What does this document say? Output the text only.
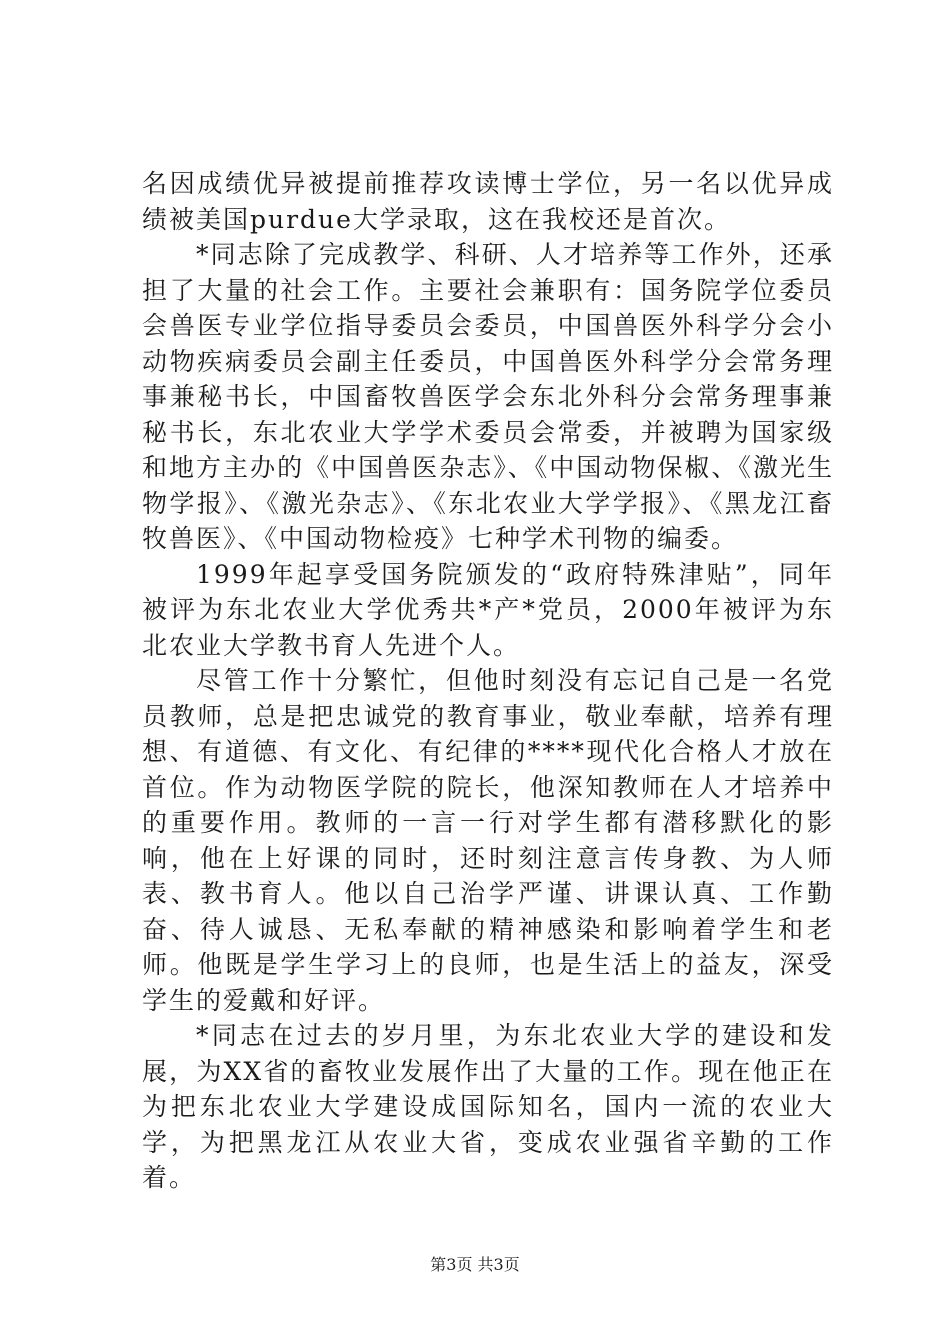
名因成绩优异被提前推荐攻读博士学位，另一名以优异成绩被美国purdue大学录取，这在我校还是首次。

*同志除了完成教学、科研、人才培养等工作外，还承担了大量的社会工作。主要社会兼职有：国务院学位委员会兽医专业学位指导委员会委员，中国兽医外科学分会小动物疾病委员会副主任委员，中国兽医外科学分会常务理事兼秘书长，中国畜牧兽医学会东北外科分会常务理事兼秘书长，东北农业大学学术委员会常委，并被聘为国家级和地方主办的《中国兽医杂志》、《中国动物保椒、《激光生物学报》、《激光杂志》、《东北农业大学学报》、《黑龙江畜牧兽医》、《中国动物检疫》七种学术刊物的编委。

1999年起享受国务院颁发的“政府特殊津贴”，同年被评为东北农业大学优秀共*产*党员，2000年被评为东北农业大学教书育人先进个人。

尽管工作十分繁忙，但他时刻没有忘记自己是一名党员教师，总是把忠诚党的教育事业，敬业奉献，培养有理想、有道德、有文化、有纪律的****现代化合格人才放在首位。作为动物医学院的院长，他深知教师在人才培养中的重要作用。教师的一言一行对学生都有潜移默化的影响，他在上好课的同时，还时刻注意言传身教、为人师表、教书育人。他以自己治学严谨、讲课认真、工作勤奋、待人诚恳、无私奉献的精神感染和影响着学生和老师。他既是学生学习上的良师，也是生活上的益友，深受学生的爱戴和好评。

*同志在过去的岁月里，为东北农业大学的建设和发展，为XX省的畜牧业发展作出了大量的工作。现在他正在为把东北农业大学建设成国际知名，国内一流的农业大学，为把黑龙江从农业大省，变成农业强省辛勤的工作着。

第3页 共3页
